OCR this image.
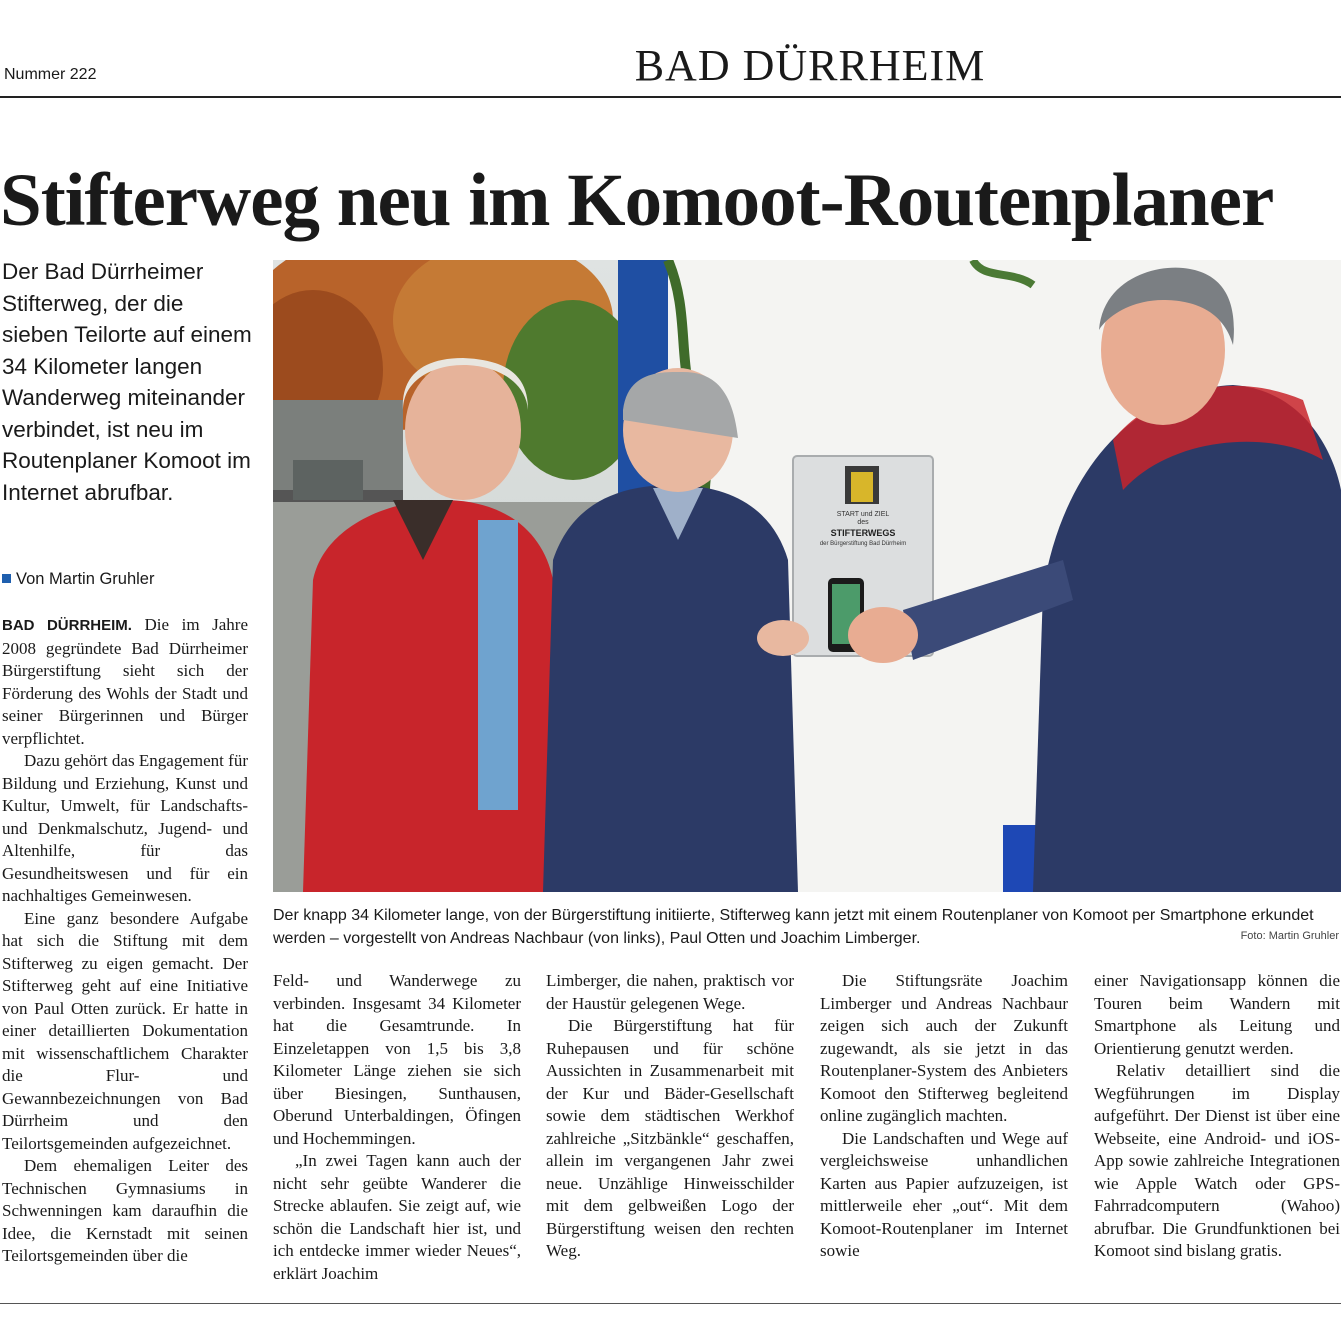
Nummer 222	BAD DÜRRHEIM
Stifterweg neu im Komoot-Routenplaner
Der Bad Dürrheimer Stifterweg, der die sieben Teilorte auf einem 34 Kilometer langen Wanderweg miteinander verbindet, ist neu im Routenplaner Komoot im Internet abrufbar.
Von Martin Gruhler

BAD DÜRRHEIM. Die im Jahre 2008 gegründete Bad Dürrheimer Bürgerstiftung sieht sich der Förderung des Wohls der Stadt und seiner Bürgerinnen und Bürger verpflichtet.

Dazu gehört das Engagement für Bildung und Erziehung, Kunst und Kultur, Umwelt, für Landschafts- und Denkmalschutz, Jugend- und Altenhilfe, für das Gesundheitswesen und für ein nachhaltiges Gemeinwesen.

Eine ganz besondere Aufgabe hat sich die Stiftung mit dem Stifterweg zu eigen gemacht. Der Stifterweg geht auf eine Initiative von Paul Otten zurück. Er hatte in einer detaillierten Dokumentation mit wissenschaftlichem Charakter die Flur- und Gewannbezeichnungen von Bad Dürrheim und den Teilortsgemeinden aufgezeichnet.

Dem ehemaligen Leiter des Technischen Gymnasiums in Schwenningen kam daraufhin die Idee, die Kernstadt mit seinen Teilortsgemeinden über die

START und ZIEL
des
STIFTERWEGS
der Bürgerstiftung Bad Dürrheim
Der knapp 34 Kilometer lange, von der Bürgerstiftung initiierte, Stifterweg kann jetzt mit einem Routenplaner von Komoot per Smartphone erkundet werden – vorgestellt von Andreas Nachbaur (von links), Paul Otten und Joachim Limberger.	Foto: Martin Gruhler

Feld- und Wanderwege zu verbinden. Insgesamt 34 Kilometer hat die Gesamtrunde. In Einzeletappen von 1,5 bis 3,8 Kilometer Länge ziehen sie sich über Biesingen, Sunthausen, Oberund Unterbaldingen, Öfingen und Hochemmingen.

„In zwei Tagen kann auch der nicht sehr geübte Wanderer die Strecke ablaufen. Sie zeigt auf, wie schön die Landschaft hier ist, und ich entdecke immer wieder Neues“, erklärt Joachim

Limberger, die nahen, praktisch vor der Haustür gelegenen Wege.

Die Bürgerstiftung hat für Ruhepausen und für schöne Aussichten in Zusammenarbeit mit der Kur und Bäder-Gesellschaft sowie dem städtischen Werkhof zahlreiche „Sitzbänkle“ geschaffen, allein im vergangenen Jahr zwei neue. Unzählige Hinweisschilder mit dem gelbweißen Logo der Bürgerstiftung weisen den rechten Weg.

Die Stiftungsräte Joachim Limberger und Andreas Nachbaur zeigen sich auch der Zukunft zugewandt, als sie jetzt in das Routenplaner-System des Anbieters Komoot den Stifterweg begleitend online zugänglich machten.

Die Landschaften und Wege auf vergleichsweise unhandlichen Karten aus Papier aufzuzeigen, ist mittlerweile eher „out“. Mit dem Komoot-Routenplaner im Internet sowie

einer Navigationsapp können die Touren beim Wandern mit Smartphone als Leitung und Orientierung genutzt werden.

Relativ detailliert sind die Wegführungen im Display aufgeführt. Der Dienst ist über eine Webseite, eine Android- und iOS-App sowie zahlreiche Integrationen wie Apple Watch oder GPS-Fahrradcomputern (Wahoo) abrufbar. Die Grundfunktionen bei Komoot sind bislang gratis.
